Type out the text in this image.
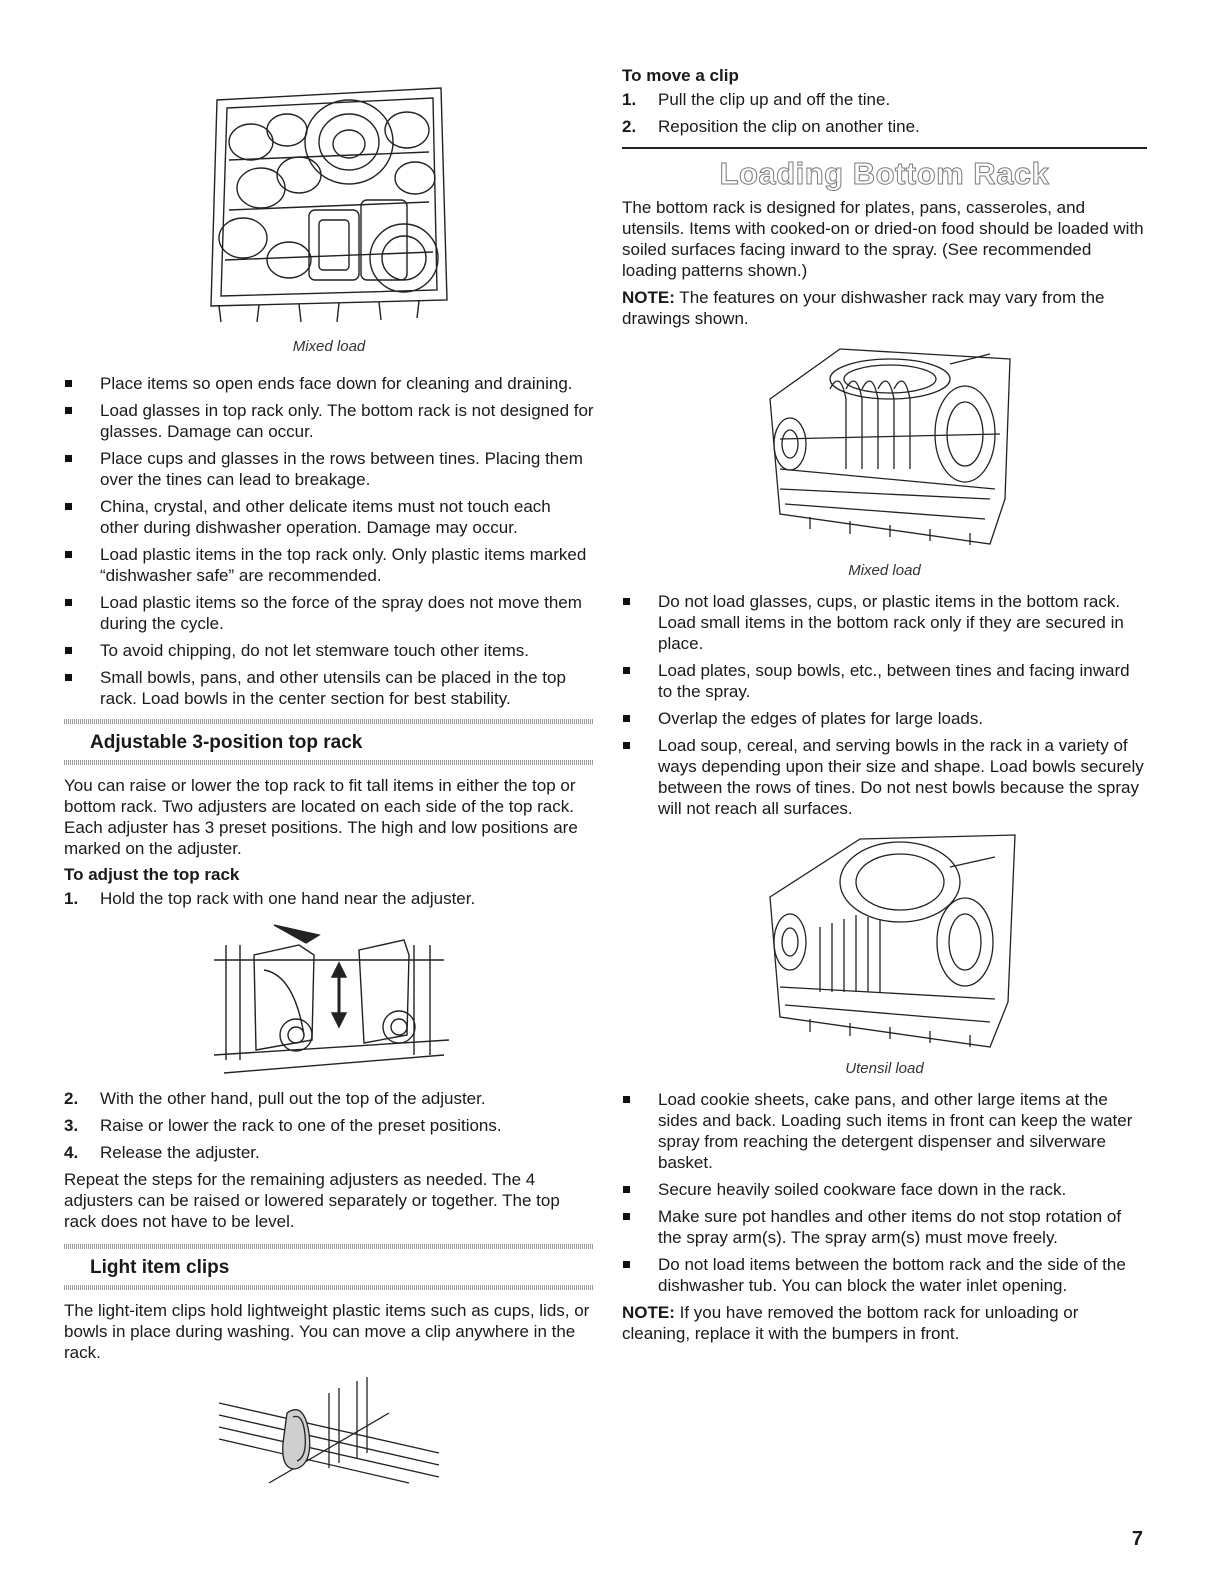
Mixed load
Place items so open ends face down for cleaning and draining.
Load glasses in top rack only. The bottom rack is not designed for glasses. Damage can occur.
Place cups and glasses in the rows between tines. Placing them over the tines can lead to breakage.
China, crystal, and other delicate items must not touch each other during dishwasher operation. Damage may occur.
Load plastic items in the top rack only. Only plastic items marked “dishwasher safe” are recommended.
Load plastic items so the force of the spray does not move them during the cycle.
To avoid chipping, do not let stemware touch other items.
Small bowls, pans, and other utensils can be placed in the top rack. Load bowls in the center section for best stability.
Adjustable 3-position top rack

You can raise or lower the top rack to fit tall items in either the top or bottom rack. Two adjusters are located on each side of the top rack. Each adjuster has 3 preset positions. The high and low positions are marked on the adjuster.

To adjust the top rack
1. Hold the top rack with one hand near the adjuster.
2. With the other hand, pull out the top of the adjuster.
3. Raise or lower the rack to one of the preset positions.
4. Release the adjuster.

Repeat the steps for the remaining adjusters as needed. The 4 adjusters can be raised or lowered separately or together. The top rack does not have to be level.

Light item clips

The light-item clips hold lightweight plastic items such as cups, lids, or bowls in place during washing. You can move a clip anywhere in the rack.

To move a clip
1. Pull the clip up and off the tine.
2. Reposition the clip on another tine.
Loading Bottom Rack

The bottom rack is designed for plates, pans, casseroles, and utensils. Items with cooked-on or dried-on food should be loaded with soiled surfaces facing inward to the spray. (See recommended loading patterns shown.)

NOTE: The features on your dishwasher rack may vary from the drawings shown.

Mixed load
Do not load glasses, cups, or plastic items in the bottom rack. Load small items in the bottom rack only if they are secured in place.
Load plates, soup bowls, etc., between tines and facing inward to the spray.
Overlap the edges of plates for large loads.
Load soup, cereal, and serving bowls in the rack in a variety of ways depending upon their size and shape. Load bowls securely between the rows of tines. Do not nest bowls because the spray will not reach all surfaces.
Utensil load
Load cookie sheets, cake pans, and other large items at the sides and back. Loading such items in front can keep the water spray from reaching the detergent dispenser and silverware basket.
Secure heavily soiled cookware face down in the rack.
Make sure pot handles and other items do not stop rotation of the spray arm(s). The spray arm(s) must move freely.
Do not load items between the bottom rack and the side of the dishwasher tub. You can block the water inlet opening.

NOTE: If you have removed the bottom rack for unloading or cleaning, replace it with the bumpers in front.

7
